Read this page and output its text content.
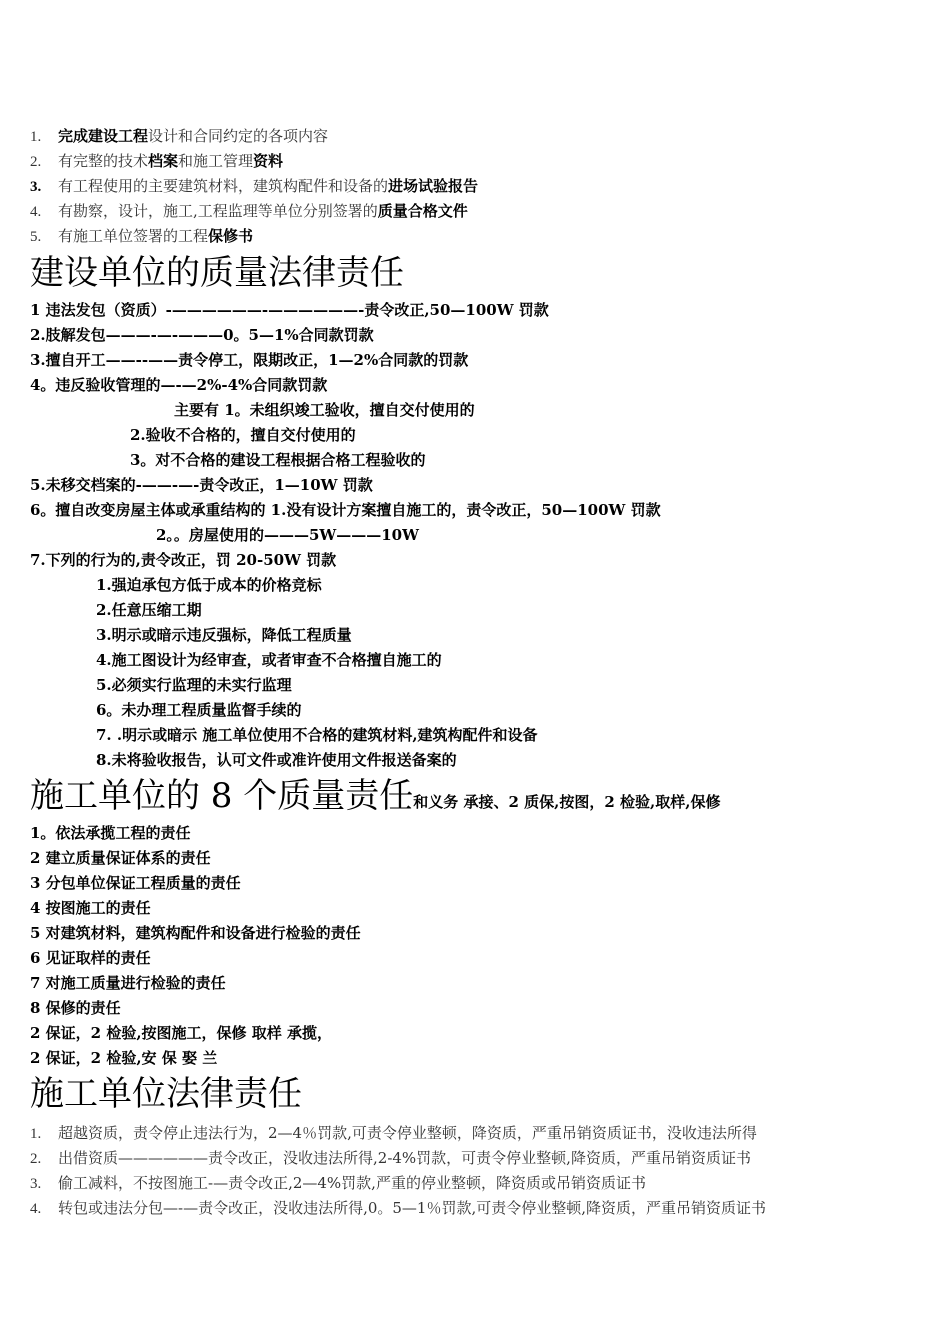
1. 完成建设工程设计和合同约定的各项内容
2. 有完整的技术档案和施工管理资料
3. 有工程使用的主要建筑材料，建筑构配件和设备的进场试验报告
4. 有勘察，设计，施工,工程监理等单位分别签署的质量合格文件
5. 有施工单位签署的工程保修书
建设单位的质量法律责任
1 违法发包（资质）-——————-——————-责令改正,50—100W 罚款
2.肢解发包———-—-———0。5—1%合同款罚款
3.擅自开工——--——责令停工，限期改正，1—2%合同款的罚款
4。违反验收管理的—-—2%-4%合同款罚款
主要有 1。未组织竣工验收，擅自交付使用的
2.验收不合格的，擅自交付使用的
3。对不合格的建设工程根据合格工程验收的
5.未移交档案的-——-—-责令改正，1—10W 罚款
6。擅自改变房屋主体或承重结构的 1.没有设计方案擅自施工的，责令改正，50—100W 罚款
2。。房屋使用的———5W———10W
7.下列的行为的,责令改正，罚 20-50W 罚款
1.强迫承包方低于成本的价格竞标
2.任意压缩工期
3.明示或暗示违反强标，降低工程质量
4.施工图设计为经审查，或者审查不合格擅自施工的
5.必须实行监理的未实行监理
6。未办理工程质量监督手续的
7. .明示或暗示 施工单位使用不合格的建筑材料,建筑构配件和设备
8.未将验收报告，认可文件或准许使用文件报送备案的
施工单位的 8 个质量责任和义务 承接、2 质保,按图，2 检验,取样,保修
1。依法承揽工程的责任
2 建立质量保证体系的责任
3 分包单位保证工程质量的责任
4 按图施工的责任
5 对建筑材料，建筑构配件和设备进行检验的责任
6 见证取样的责任
7 对施工质量进行检验的责任
8 保修的责任
2 保证，2 检验,按图施工，保修 取样 承揽，
2 保证，2 检验,安 保 娶 兰
施工单位法律责任
1. 超越资质，责令停止违法行为，2—4％罚款,可责令停业整顿，降资质，严重吊销资质证书，没收违法所得
2. 出借资质——————责令改正，没收违法所得,2-4%罚款，可责令停业整顿,降资质，严重吊销资质证书
3. 偷工减料，不按图施工-—责令改正,2—4%罚款,严重的停业整顿，降资质或吊销资质证书
4. 转包或违法分包—-—责令改正，没收违法所得,0。5—1％罚款,可责令停业整顿,降资质，严重吊销资质证书
